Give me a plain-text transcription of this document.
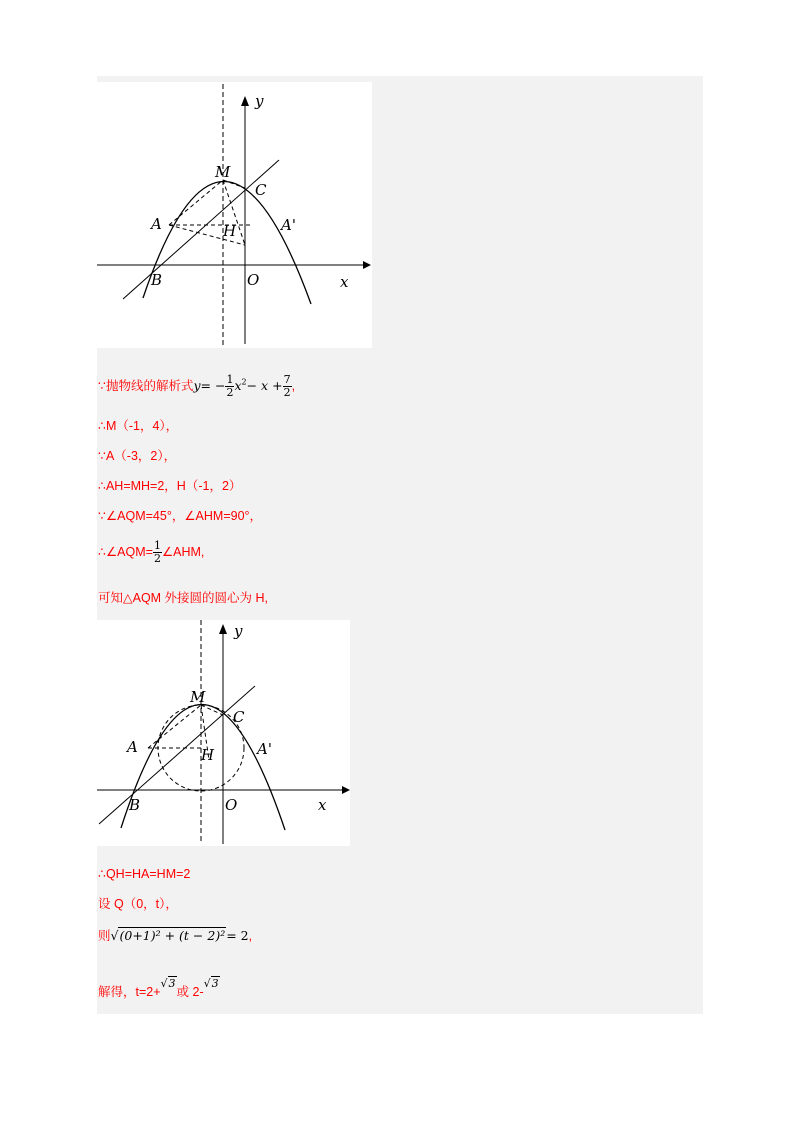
y
x
M
C
A	A'
H
B	O
∵抛物线的解析式$y= - \frac{1}{2} x^2- x + \frac{7}{2}$ ,
∴M（-1，4），
∵A（-3，2），
∴AH=MH=2，H（-1，2）
∵∠AQM=45°，∠AHM=90°，
∴∠AQM= $\frac{1}{2}$ ∠AHM,
可知△AQM 外接圆的圆心为 H,
y
x
M
C
A	A'
H
B	O
∴QH=HA=HM=2
设 Q（0，t），
则√(0+1)² + (t − 2)²= 2,
解得，t=2+√3或 2-√3
